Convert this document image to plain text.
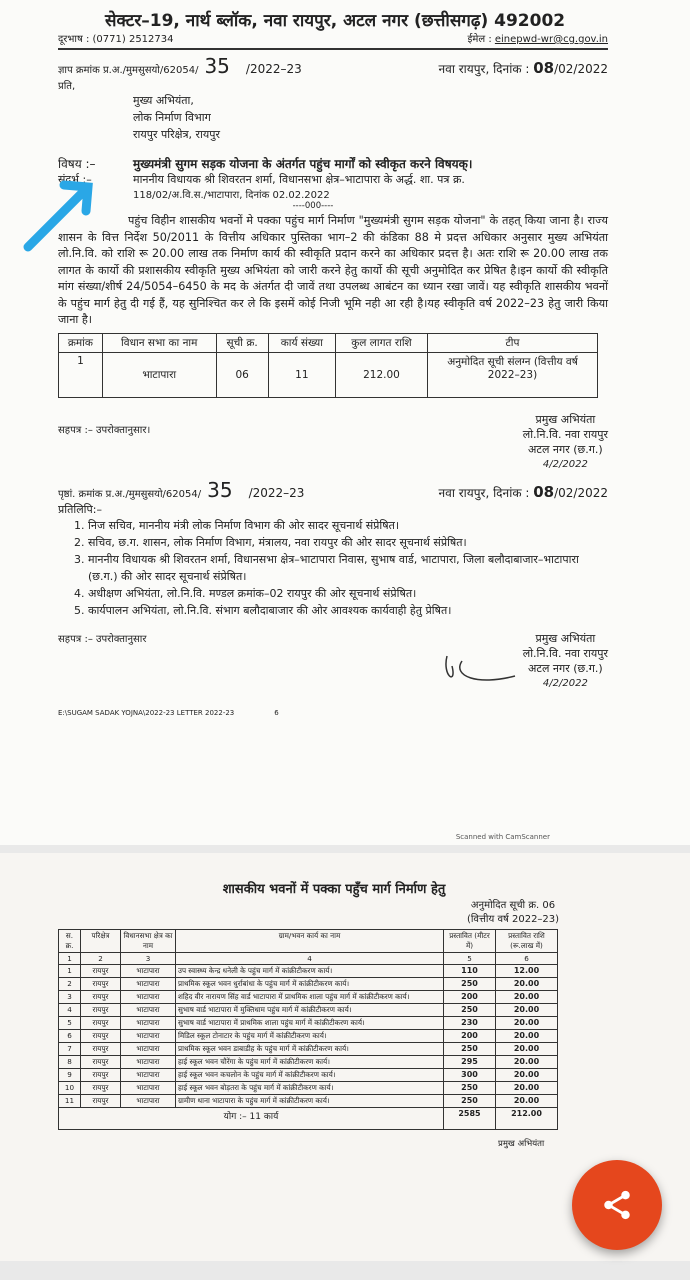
सेक्टर–19, नार्थ ब्लॉक, नवा रायपुर, अटल नगर (छत्तीसगढ़) 492002
दूरभाष : (0771) 2512734	ईमेल : einepwd-wr@cg.gov.in
ज्ञाप क्रमांक प्र.अ./मुमसुसयो/62054/ 35 /2022–23	नवा रायपुर, दिनांक : 08/02/2022
प्रति,
मुख्य अभियंता,
लोक निर्माण विभाग
रायपुर परिक्षेत्र, रायपुर
विषय :–	मुख्यमंत्री सुगम सड़क योजना के अंतर्गत पहुंच मार्गों को स्वीकृत करने विषयक्।
संदर्भ :–	माननीय विधायक श्री शिवरतन शर्मा, विधानसभा क्षेत्र–भाटापारा के अर्द्ध. शा. पत्र क्र.
118/02/अ.वि.स./भाटापारा, दिनांक 02.02.2022
----000----
पहुंच विहीन शासकीय भवनों मे पक्का पहुंच मार्ग निर्माण "मुख्यमंत्री सुगम सड़क योजना" के तहत् किया जाना है। राज्य शासन के वित्त निर्देश 50/2011 के वित्तीय अधिकार पुस्तिका भाग–2 की कंडिका 88 मे प्रदत्त अधिकार अनुसार मुख्य अभियंता लो.नि.वि. को राशि रू 20.00 लाख तक निर्माण कार्य की स्वीकृति प्रदान करने का अधिकार प्रदत्त है। अतः राशि रू 20.00 लाख तक लागत के कार्यो की प्रशासकीय स्वीकृति मुख्य अभियंता को जारी करने हेतु कार्यो की सूची अनुमोदित कर प्रेषित है।इन कार्यो की स्वीकृति मांग संख्या/शीर्ष 24/5054–6450 के मद के अंतर्गत दी जावें तथा उपलब्ध आबंटन का ध्यान रखा जावें। यह स्वीकृति शासकीय भवनों के पहुंच मार्ग हेतु दी गई हैं, यह सुनिश्चित कर ले कि इसमें कोई निजी भूमि नही आ रही है।यह स्वीकृति वर्ष 2022–23 हेतु जारी किया जाना है।
क्रमांक	विधान सभा का नाम	सूची क्र.	कार्य संख्या	कुल लागत राशि	टीप
1	भाटापारा	06	11	212.00	अनुमोदित सूची संलग्न (वित्तीय वर्ष 2022–23)
सहपत्र :– उपरोक्तानुसार।
प्रमुख अभियंता
लो.नि.वि. नवा रायपुर
अटल नगर (छ.ग.)
4/2/2022
पृष्ठां. क्रमांक प्र.अ./मुमसुसयो/62054/ 35 /2022–23	नवा रायपुर, दिनांक : 08/02/2022
प्रतिलिपि:–
1. निज सचिव, माननीय मंत्री लोक निर्माण विभाग की ओर सादर सूचनार्थ संप्रेषित।
2. सचिव, छ.ग. शासन, लोक निर्माण विभाग, मंत्रालय, नवा रायपुर की ओर सादर सूचनार्थ संप्रेषित।
3. माननीय विधायक श्री शिवरतन शर्मा, विधानसभा क्षेत्र–भाटापारा निवास, सुभाष वार्ड, भाटापारा, जिला बलौदाबाजार–भाटापारा (छ.ग.) की ओर सादर सूचनार्थ संप्रेषित।
4. अधीक्षण अभियंता, लो.नि.वि. मण्डल क्रमांक–02 रायपुर की ओर सूचनार्थ संप्रेषित।
5. कार्यपालन अभियंता, लो.नि.वि. संभाग बलौदाबाजार की ओर आवश्यक कार्यवाही हेतु प्रेषित।
सहपत्र :– उपरोक्तानुसार	प्रमुख अभियंता
लो.नि.वि. नवा रायपुर
अटल नगर (छ.ग.)
4/2/2022
E:\SUGAM SADAK YOJNA\2022-23 LETTER 2022-23	6
Scanned with CamScanner
शासकीय भवनों में पक्का पहुँच मार्ग निर्माण हेतु
अनुमोदित सूची क्र. 06
(वित्तीय वर्ष 2022–23)
स. क्र.	परिक्षेत्र	विधानसभा क्षेत्र का नाम	ग्राम/भवन कार्य का नाम	प्रस्तावित (मीटर में)	प्रस्तावित राशि (रू.लाख में)
1	2	3	4	5	6
1	रायपुर	भाटापारा	उप स्वास्थ्य केन्द्र धनेली के पहुंच मार्ग में कांक्रीटीकरण कार्य।	110	12.00
2	रायपुर	भाटापारा	प्राथमिक स्कूल भवन धुर्राबांधा के पहुंच मार्ग में कांक्रीटीकरण कार्य।	250	20.00
3	रायपुर	भाटापारा	शहिद वीर नारायण सिंह वार्ड भाटापारा में प्राथमिक शाला पहुंच मार्ग में कांक्रीटीकरण कार्य।	200	20.00
4	रायपुर	भाटापारा	सुभाष वार्ड भाटापारा में मुक्तिधाम पहुंच मार्ग में कांक्रीटीकरण कार्य।	250	20.00
5	रायपुर	भाटापारा	सुभाष वार्ड भाटापारा में प्राथमिक शाला पहुंच मार्ग में कांक्रीटीकरण कार्य।	230	20.00
6	रायपुर	भाटापारा	मिडिल स्कूल टोनाटार के पहुंच मार्ग में कांक्रीटीकरण कार्य।	200	20.00
7	रायपुर	भाटापारा	प्राथमिक स्कूल भवन डाबाडीह के पहुंच मार्ग में कांक्रीटीकरण कार्य।	250	20.00
8	रायपुर	भाटापारा	हाई स्कूल भवन चौरेंगा के पहुंच मार्ग में कांक्रीटीकरण कार्य।	295	20.00
9	रायपुर	भाटापारा	हाई स्कूल भवन कचलोन के पहुंच मार्ग में कांक्रीटीकरण कार्य।	300	20.00
10	रायपुर	भाटापारा	हाई स्कूल भवन बोड़तरा के पहुंच मार्ग में कांक्रीटीकरण कार्य।	250	20.00
11	रायपुर	भाटापारा	ग्रामीण थाना भाटापारा के पहुंच मार्ग में कांक्रीटीकरण कार्य।	250	20.00
योग :– 11 कार्य				2585	212.00
प्रमुख अभियंता
